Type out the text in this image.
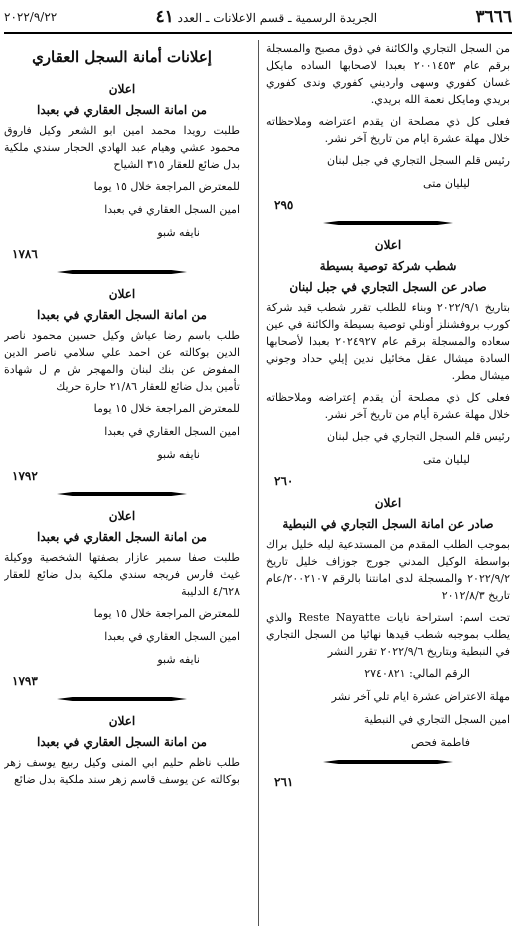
٣٦٦٦
الجريدة الرسمية ـ قسم الاعلانات ـ العدد ٤١
٢٠٢٢/٩/٢٢

من السجل التجاري والكائنة في ذوق مصبح والمسجلة برقم عام ٢٠٠١٤٥٣ بعبدا لاصحابها الساده مايكل غسان كفوري وسهى وارديني كفوري وندى كفوري بريدي ومايكل نعمة الله بريدي.

فعلى كل ذي مصلحة ان يقدم اعتراضه وملاحظاته خلال مهلة عشرة ايام من تاريخ آخر نشر.

رئيس قلم السجل التجاري في جبل لبنان

ليليان متى

٢٩٥

اعلان

شطب شركة توصية بسيطة

صادر عن السجل التجاري في جبل لبنان

بتاريخ ٢٠٢٢/٩/١ وبناء للطلب تقرر شطب قيد شركة كورب بروفشنلز أونلي توصية بسيطة والكائنة في عين سعاده والمسجلة برقم عام ٢٠٢٤٩٢٧ بعبدا لأصحابها السادة ميشال عقل مخائيل ندين إيلي حداد وجوني ميشال مطر.

فعلى كل ذي مصلحة أن يقدم إعتراضه وملاحظاته خلال مهلة عشرة أيام من تاريخ آخر نشر.

رئيس قلم السجل التجاري في جبل لبنان

ليليان متى

٢٦٠

اعلان

صادر عن امانة السجل التجاري في النبطية

بموجب الطلب المقدم من المستدعية ليله خليل براك بواسطة الوكيل المدني جورج جوزاف خليل تاريخ ٢٠٢٢/٩/٢ والمسجلة لدى امانتنا بالرقم ٢٠٠٢١٠٧/عام تاريخ ٢٠١٢/٨/٣

تحت اسم: استراحة نايات Reste Nayatte والذي يطلب بموجبه شطب قيدها نهائيا من السجل التجاري في النبطية وبتاريخ ٢٠٢٢/٩/٦ تقرر النشر

الرقم المالي: ٢٧٤٠٨٢١

مهلة الاعتراض عشرة ايام تلي آخر نشر

امين السجل التجاري في النبطية

فاطمة فحص

٢٦١

إعلانات أمانة السجل العقاري

اعلان

من امانة السجل العقاري في بعبدا

طلبت رويدا محمد امين ابو الشعر وكيل فاروق محمود عشي وهيام عبد الهادي الحجار سندي ملكية بدل ضائع للعقار ٣١٥ الشياح

للمعترض المراجعة خلال ١٥ يوما

امين السجل العقاري في بعبدا

نايفه شبو

١٧٨٦

اعلان

من امانة السجل العقاري في بعبدا

طلب باسم رضا عياش وكيل حسين محمود ناصر الدين بوكالته عن احمد علي سلامي ناصر الدين المفوض عن بنك لبنان والمهجر ش م ل شهادة تأمين بدل ضائع للعقار ٢١/٨٦ حارة حريك

للمعترض المراجعة خلال ١٥ يوما

امين السجل العقاري في بعبدا

نايفه شبو

١٧٩٢

اعلان

من امانة السجل العقاري في بعبدا

طلبت صفا سمير عازار بصفتها الشخصية ووكيلة غيث فارس فريجه سندي ملكية بدل ضائع للعقار ٤/٦٢٨ الدليبة

للمعترض المراجعة خلال ١٥ يوما

امين السجل العقاري في بعبدا

نايفه شبو

١٧٩٣

اعلان

من امانة السجل العقاري في بعبدا

طلب ناظم حليم ابي المنى وكيل ربيع يوسف زهر بوكالته عن يوسف قاسم زهر سند ملكية بدل ضائع
